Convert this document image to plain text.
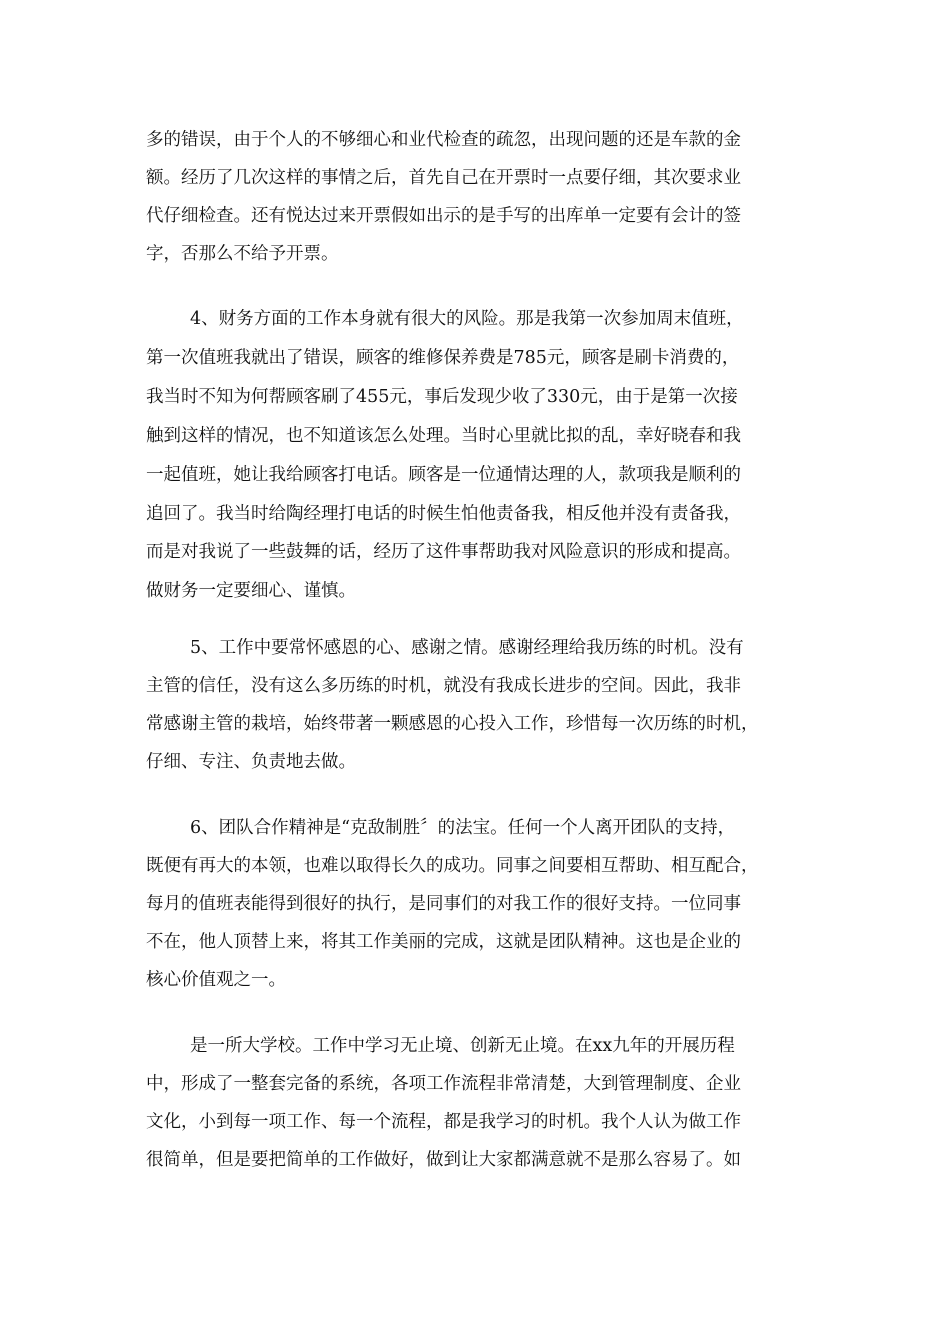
多的错误，由于个人的不够细心和业代检查的疏忽，出现问题的还是车款的金
额。经历了几次这样的事情之后，首先自己在开票时一点要仔细，其次要求业
代仔细检查。还有悦达过来开票假如出示的是手写的出库单一定要有会计的签
字，否那么不给予开票。
4、财务方面的工作本身就有很大的风险。那是我第一次参加周末值班，
第一次值班我就出了错误，顾客的维修保养费是785元，顾客是刷卡消费的，
我当时不知为何帮顾客刷了455元，事后发现少收了330元，由于是第一次接
触到这样的情况，也不知道该怎么处理。当时心里就比拟的乱，幸好晓春和我
一起值班，她让我给顾客打电话。顾客是一位通情达理的人，款项我是顺利的
追回了。我当时给陶经理打电话的时候生怕他责备我，相反他并没有责备我，
而是对我说了一些鼓舞的话，经历了这件事帮助我对风险意识的形成和提高。
做财务一定要细心、谨慎。
5、工作中要常怀感恩的心、感谢之情。感谢经理给我历练的时机。没有
主管的信任，没有这么多历练的时机，就没有我成长进步的空间。因此，我非
常感谢主管的栽培，始终带著一颗感恩的心投入工作，珍惜每一次历练的时机，
仔细、专注、负责地去做。
6、团队合作精神是“克敌制胜〞的法宝。任何一个人离开团队的支持，
既便有再大的本领，也难以取得长久的成功。同事之间要相互帮助、相互配合，
每月的值班表能得到很好的执行，是同事们的对我工作的很好支持。一位同事
不在，他人顶替上来，将其工作美丽的完成，这就是团队精神。这也是企业的
核心价值观之一。
是一所大学校。工作中学习无止境、创新无止境。在xx九年的开展历程
中，形成了一整套完备的系统，各项工作流程非常清楚，大到管理制度、企业
文化，小到每一项工作、每一个流程，都是我学习的时机。我个人认为做工作
很简单，但是要把简单的工作做好，做到让大家都满意就不是那么容易了。如
